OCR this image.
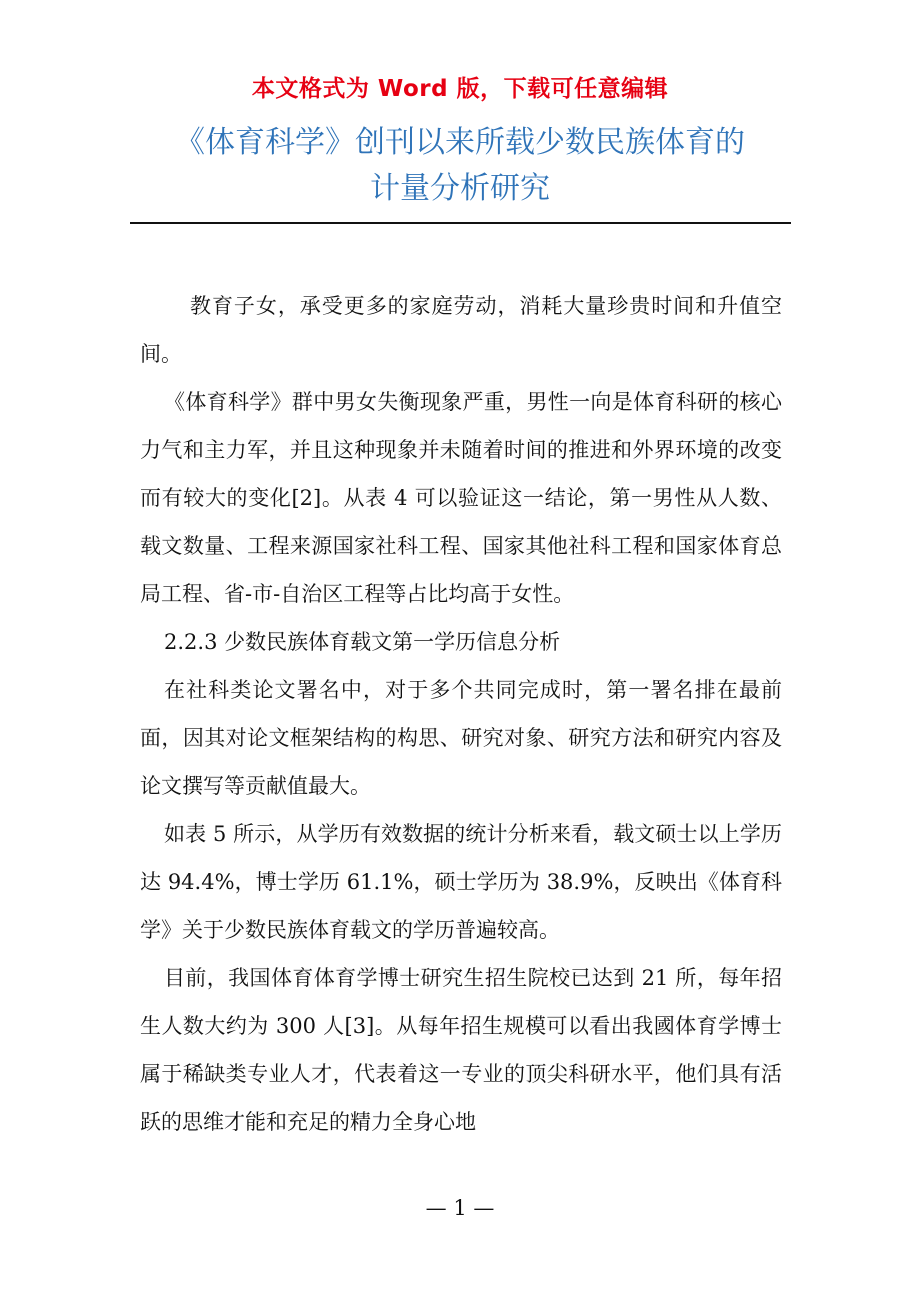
本文格式为 Word 版，下载可任意编辑
《体育科学》创刊以来所载少数民族体育的
计量分析研究

教育子女，承受更多的家庭劳动，消耗大量珍贵时间和升值空间。

《体育科学》群中男女失衡现象严重，男性一向是体育科研的核心力气和主力军，并且这种现象并未随着时间的推进和外界环境的改变而有较大的变化[2]。从表 4 可以验证这一结论，第一男性从人数、载文数量、工程来源国家社科工程、国家其他社科工程和国家体育总局工程、省-市-自治区工程等占比均高于女性。

2.2.3 少数民族体育载文第一学历信息分析

在社科类论文署名中，对于多个共同完成时，第一署名排在最前面，因其对论文框架结构的构思、研究对象、研究方法和研究内容及论文撰写等贡献值最大。

如表 5 所示，从学历有效数据的统计分析来看，载文硕士以上学历达 94.4%，博士学历 61.1%，硕士学历为 38.9%，反映出《体育科学》关于少数民族体育载文的学历普遍较高。

目前，我国体育体育学博士研究生招生院校已达到 21 所，每年招生人数大约为 300 人[3]。从每年招生规模可以看出我國体育学博士属于稀缺类专业人才，代表着这一专业的顶尖科研水平，他们具有活跃的思维才能和充足的精力全身心地

— 1 —
